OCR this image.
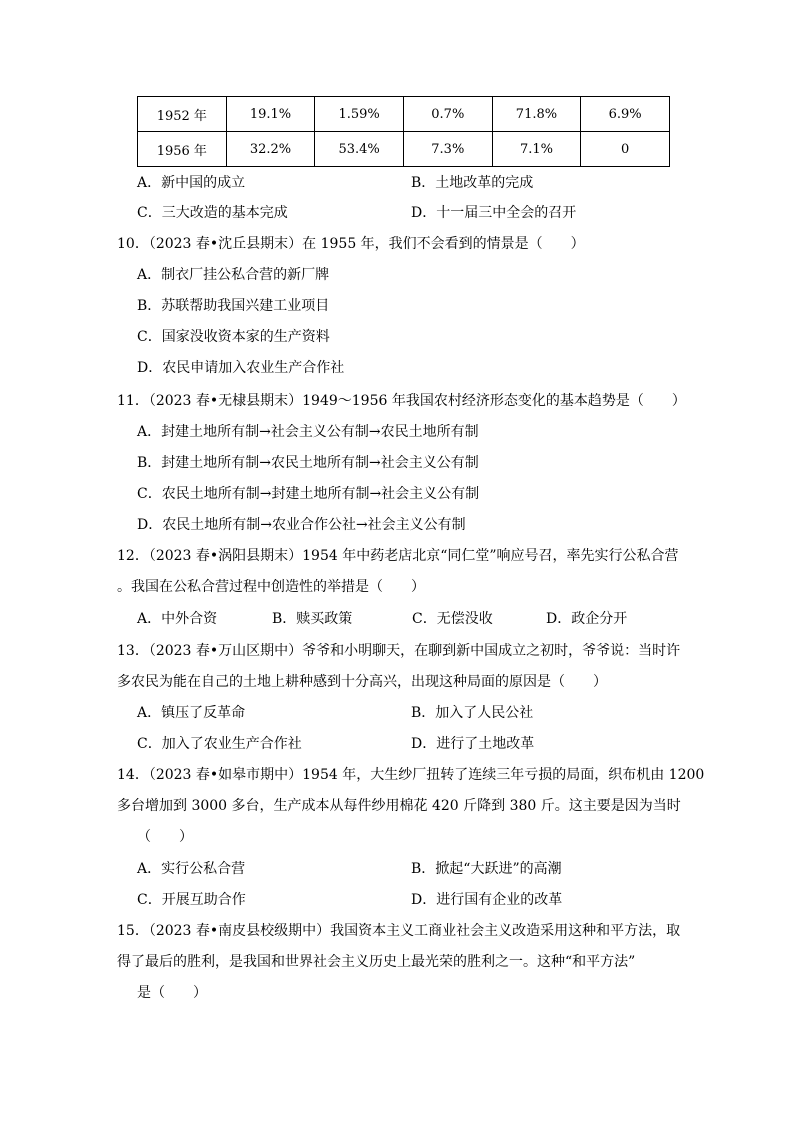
1952 年	19.1%	1.59%	0.7%	71.8%	6.9%
1956 年	32.2%	53.4%	7.3%	7.1%	0
A．新中国的成立	B．土地改革的完成
C．三大改造的基本完成	D．十一届三中全会的召开
10．（2023 春•沈丘县期末）在 1955 年，我们不会看到的情景是（　　）
A．制衣厂挂公私合营的新厂牌
B．苏联帮助我国兴建工业项目
C．国家没收资本家的生产资料
D．农民申请加入农业生产合作社
11．（2023 春•无棣县期末）1949～1956 年我国农村经济形态变化的基本趋势是（　　）
A．封建土地所有制→社会主义公有制→农民土地所有制
B．封建土地所有制→农民土地所有制→社会主义公有制
C．农民土地所有制→封建土地所有制→社会主义公有制
D．农民土地所有制→农业合作公社→社会主义公有制
12．（2023 春•涡阳县期末）1954 年中药老店北京“同仁堂”响应号召，率先实行公私合营
。我国在公私合营过程中创造性的举措是（　　）
A．中外合资	B．赎买政策	C．无偿没收	D．政企分开
13．（2023 春•万山区期中）爷爷和小明聊天，在聊到新中国成立之初时，爷爷说：当时许
多农民为能在自己的土地上耕种感到十分高兴，出现这种局面的原因是（　　）
A．镇压了反革命	B．加入了人民公社
C．加入了农业生产合作社	D．进行了土地改革
14．（2023 春•如皋市期中）1954 年，大生纱厂扭转了连续三年亏损的局面，织布机由 1200
多台增加到 3000 多台，生产成本从每件纱用棉花 420 斤降到 380 斤。这主要是因为当时
（　　）
A．实行公私合营	B．掀起“大跃进”的高潮
C．开展互助合作	D．进行国有企业的改革
15．（2023 春•南皮县校级期中）我国资本主义工商业社会主义改造采用这种和平方法，取
得了最后的胜利，是我国和世界社会主义历史上最光荣的胜利之一。这种“和平方法”
是（　　）
